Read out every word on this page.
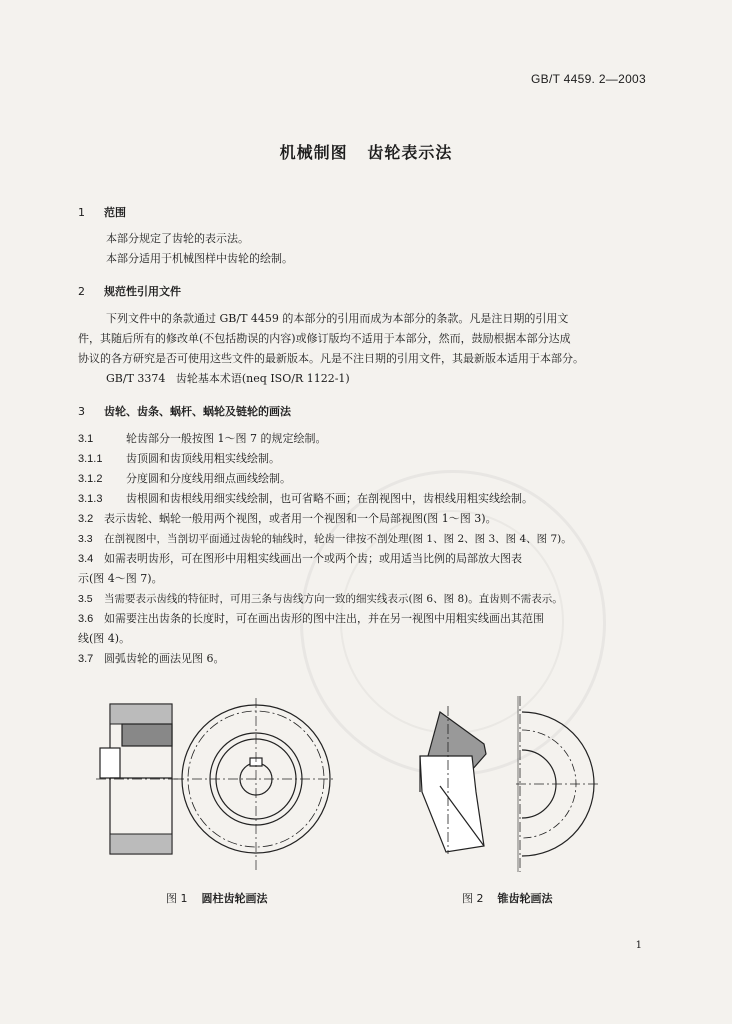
GB/T 4459. 2—2003
机械制图   齿轮表示法
1 范围
本部分规定了齿轮的表示法。
本部分适用于机械图样中齿轮的绘制。
2 规范性引用文件
下列文件中的条款通过 GB/T 4459 的本部分的引用而成为本部分的条款。凡是注日期的引用文
件，其随后所有的修改单(不包括勘误的内容)或修订版均不适用于本部分，然而，鼓励根据本部分达成
协议的各方研究是否可使用这些文件的最新版本。凡是不注日期的引用文件，其最新版本适用于本部分。
GB/T 3374   齿轮基本术语(neq ISO/R 1122-1)
3 齿轮、齿条、蜗杆、蜗轮及链轮的画法
3.1	轮齿部分一般按图 1～图 7 的规定绘制。
3.1.1 齿顶圆和齿顶线用粗实线绘制。
3.1.2 分度圆和分度线用细点画线绘制。
3.1.3 齿根圆和齿根线用细实线绘制，也可省略不画；在剖视图中，齿根线用粗实线绘制。
3.2 表示齿轮、蜗轮一般用两个视图，或者用一个视图和一个局部视图(图 1～图 3)。
3.3 在剖视图中，当剖切平面通过齿轮的轴线时，轮齿一律按不剖处理(图 1、图 2、图 3、图 4、图 7)。
3.4 如需表明齿形，可在图形中用粗实线画出一个或两个齿；或用适当比例的局部放大图表
示(图 4～图 7)。
3.5 当需要表示齿线的特征时，可用三条与齿线方向一致的细实线表示(图 6、图 8)。直齿则不需表示。
3.6 如需要注出齿条的长度时，可在画出齿形的图中注出，并在另一视图中用粗实线画出其范围
线(图 4)。
3.7 圆弧齿轮的画法见图 6。
图 1 圆柱齿轮画法	图 2 锥齿轮画法
1
